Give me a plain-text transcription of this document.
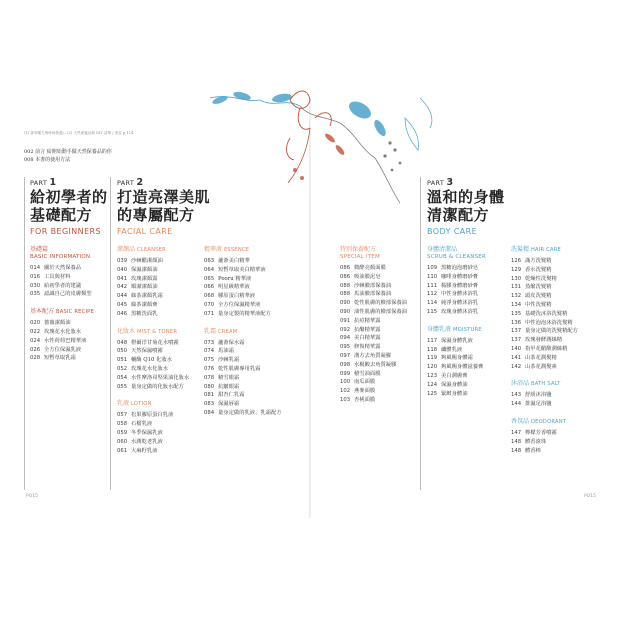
(1) 香草魔力與時尚保養/...(2) 天然保養品和 DIY 清單 / 美容 p.114
002 前言 給開始動手做天然保養品的你
008 本書的使用方法
PART 1
給初學者的
基礎配方
FOR BEGINNERS
基礎篇
BASIC INFORMATION
014 關於天然保養品
016 工具與材料
030 給初學者的建議
035 認識自己的皮膚類型
基本配方 BASIC RECIPE
020 薔薇潔顏油
022 玫瑰花水化妝水
024 水性荷荷巴精華液
026 全方位保濕乳液
028 短暫草取乳霜
PART 2
打造亮澤美肌
的專屬配方
FACIAL CARE
潔顏品 CLEANSER
039 沙棘醋潔顏油
040 保濕潔顏油
041 玫瑰潔顏露
042 順潔潔顏油
044 綠茶潔顏乳霜
045 綠茶潔顏膏
046 黑糖洗面乳
化妝水 MIST & TONER
048 橙爾洋甘菊花水噴霧
050 天然保濕噴霧
051 輔酶 Q10 化妝水
052 玫瑰花水化妝水
054 水性摩洛哥堅果油化妝水
055 量身定做的化妝水配方
乳液 LOTION
057 松果膠原蛋白乳液
058 石榴乳液
059 冬季保濕乳液
060 水潤乾老乳液
061 大麻籽乳液
精華液 ESSENCE
063 蘆薈美白精華
064 短暫草取美白精華液
065 Pooru 精華液
066 明星級精華液
068 膠原蛋白精華液
070 全方位保濕精華液
071 量身定製的精華液配方
乳霜 CREAM
073 蘆薈保水霜
074 馬油霜
075 沙棘乳霜
076 乾性肌膚專用乳霜
078 積雪眼霜
080 抗皺眼霜
081 甜杏仁乳霜
083 保濕唇霜
084 量身定做的乳液、乳霜配方
特別保養配方
SPECIAL ITEM
086 微酵亮顏面膜
086 吸油膜泥皂
088 沙棘臉部保養油
088 馬油臉部保養油
090 乾性肌膚的臉部保養油
090 油性肌膚的臉部保養油
091 抗痘精華露
092 抗醣精華露
094 美白精華露
095 修復精華露
097 溝方去角質凝膠
098 水楊酸去角質凝膠
099 積雪油面膜
100 南瓜面膜
102 燕麥面膜
103 杏桃面膜
PART 3
溫和的身體
清潔配方
BODY CARE
身體清潔品
SCRUB & CLEANSER
109 黑糖泡泡磨砂皂
110 咖啡身體磨砂膏
111 黏膠身體磨砂膏
112 中性身體沐浴乳
114 純淨身體沐浴乳
115 玫瑰身體沐浴乳
身體乳液 MOISTURE
117 保濕身體乳液
118 纖體乳液
119 夠風賜身體霜
120 夠風賜身體滋養膏
123 美白潤膚膏
124 保濕身體油
125 緊緻身體油
洗髮精 HAIR CARE
126 滿方洗髮精
129 香水洗髮精
130 乾燥性洗髮精
131 蒸餾洗髮精
132 頭皮洗髮精
134 中性洗髮精
135 基礎洗沐浴洗髮精
136 中性泡泡沐浴洗髮精
137 量身定做的洗髮精配方
137 玫瑰發酵潤絲精
140 指甲花醋酸潤絲精
141 山茶花潤髮精
142 山茶花潤髮素
沐浴品 BATH SALT
143 舒緩沐浴鹽
144 排濕足浴鹽
香氛品 DEODORANT
147 檸檬芳香噴霧
148 體香滾珠
148 體香棒
PO15	PO15
